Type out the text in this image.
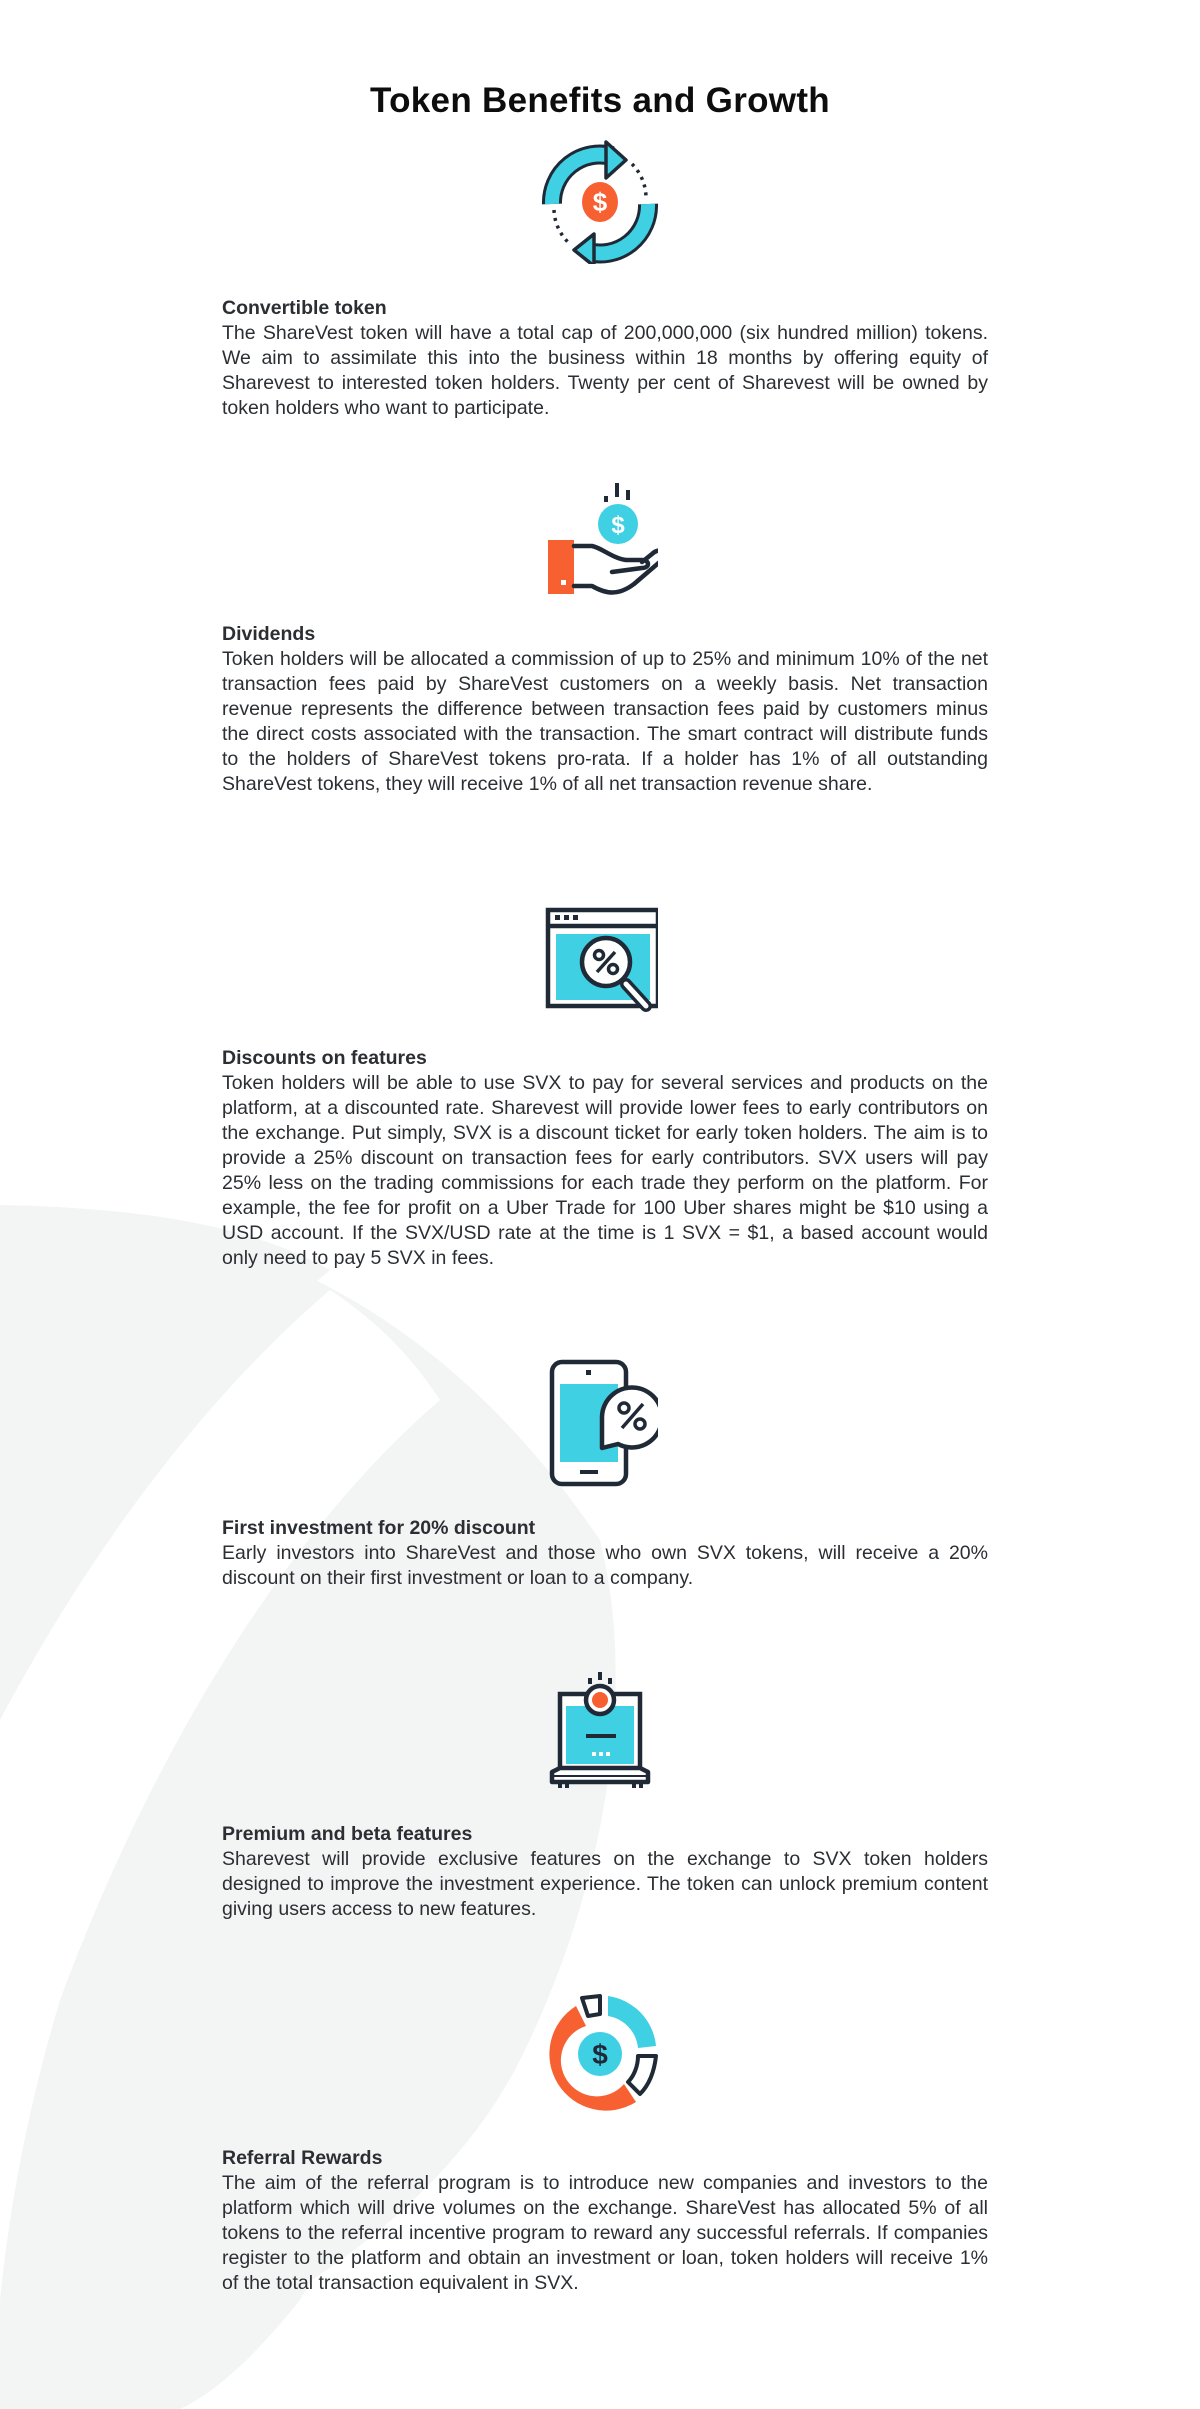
Token Benefits and Growth
$
Convertible token

The ShareVest token will have a total cap of 200,000,000 (six hundred million) tokens. We aim to assimilate this into the business within 18 months by offering equity of Sharevest to interested token holders. Twenty per cent of Sharevest will be owned by token holders who want to participate.

$
Dividends

Token holders will be allocated a commission of up to 25% and minimum 10% of the net transaction fees paid by ShareVest customers on a weekly basis. Net transaction revenue represents the difference between transaction fees paid by customers minus the direct costs associated with the transaction. The smart contract will distribute funds to the holders of ShareVest tokens pro-rata. If a holder has 1% of all outstanding ShareVest tokens, they will receive 1% of all net transaction revenue share.

Discounts on features

Token holders will be able to use SVX to pay for several services and products on the platform, at a discounted rate. Sharevest will provide lower fees to early contributors on the exchange. Put simply, SVX is a discount ticket for early token holders. The aim is to provide a 25% discount on transaction fees for early contributors. SVX users will pay 25% less on the trading commissions for each trade they perform on the platform. For example, the fee for profit on a Uber Trade for 100 Uber shares might be $10 using a USD account. If the SVX/USD rate at the time is 1 SVX = $1, a based account would only need to pay 5 SVX in fees.

First investment for 20% discount

Early investors into ShareVest and those who own SVX tokens, will receive a 20% discount on their first investment or loan to a company.

Premium and beta features

Sharevest will provide exclusive features on the exchange to SVX token holders designed to improve the investment experience. The token can unlock premium content giving users access to new features.

$
Referral Rewards

The aim of the referral program is to introduce new companies and investors to the platform which will drive volumes on the exchange. ShareVest has allocated 5% of all tokens to the referral incentive program to reward any successful referrals. If companies register to the platform and obtain an investment or loan, token holders will receive 1% of the total transaction equivalent in SVX.
